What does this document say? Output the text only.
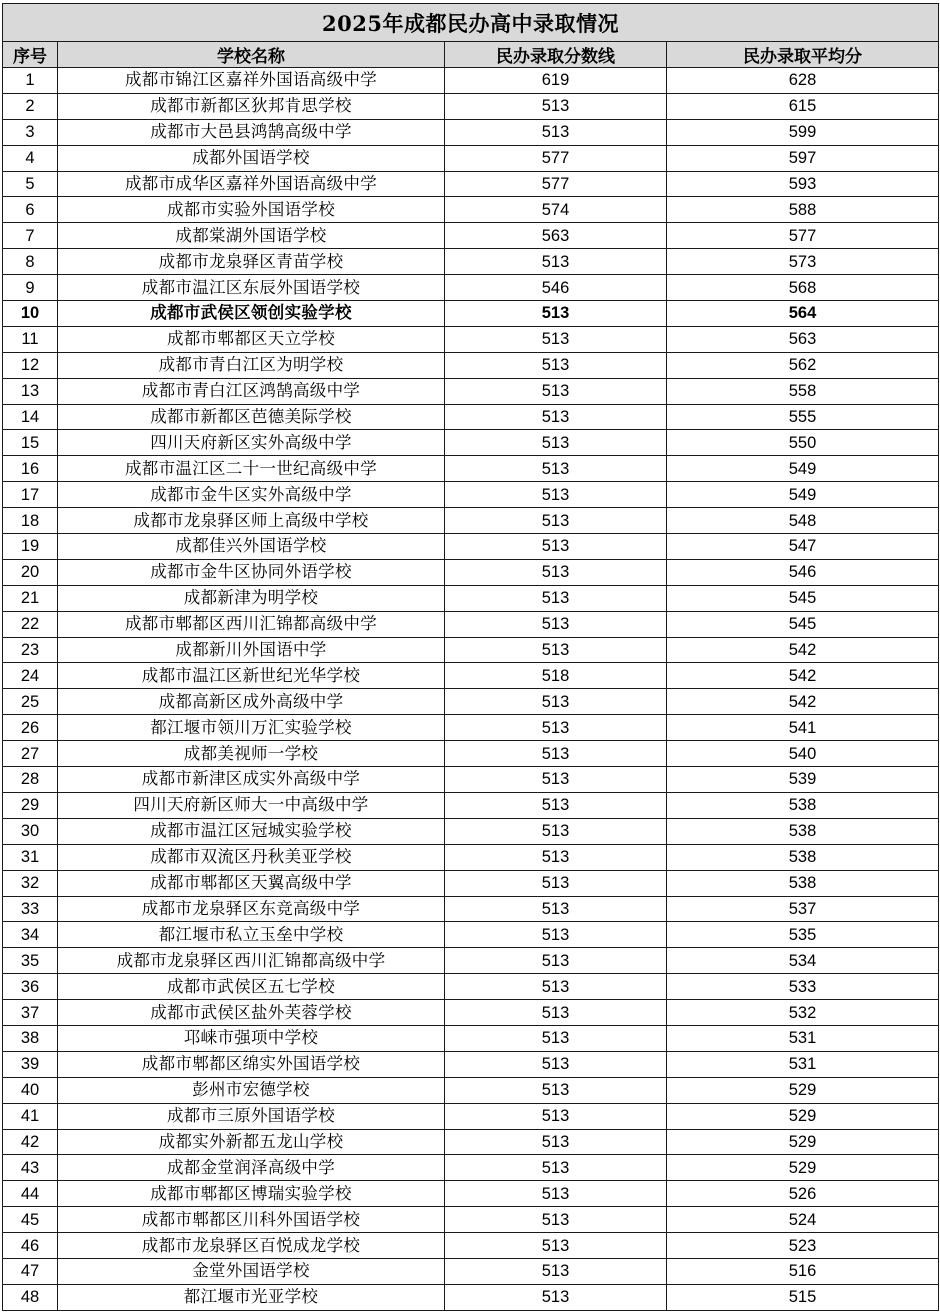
2025年成都民办高中录取情况			
序号	学校名称	民办录取分数线	民办录取平均分
1	成都市锦江区嘉祥外国语高级中学	619	628
2	成都市新都区狄邦肯思学校	513	615
3	成都市大邑县鸿鹄高级中学	513	599
4	成都外国语学校	577	597
5	成都市成华区嘉祥外国语高级中学	577	593
6	成都市实验外国语学校	574	588
7	成都棠湖外国语学校	563	577
8	成都市龙泉驿区青苗学校	513	573
9	成都市温江区东辰外国语学校	546	568
10	成都市武侯区领创实验学校	513	564
11	成都市郫都区天立学校	513	563
12	成都市青白江区为明学校	513	562
13	成都市青白江区鸿鹄高级中学	513	558
14	成都市新都区芭德美际学校	513	555
15	四川天府新区实外高级中学	513	550
16	成都市温江区二十一世纪高级中学	513	549
17	成都市金牛区实外高级中学	513	549
18	成都市龙泉驿区师上高级中学校	513	548
19	成都佳兴外国语学校	513	547
20	成都市金牛区协同外语学校	513	546
21	成都新津为明学校	513	545
22	成都市郫都区西川汇锦都高级中学	513	545
23	成都新川外国语中学	513	542
24	成都市温江区新世纪光华学校	518	542
25	成都高新区成外高级中学	513	542
26	都江堰市领川万汇实验学校	513	541
27	成都美视师一学校	513	540
28	成都市新津区成实外高级中学	513	539
29	四川天府新区师大一中高级中学	513	538
30	成都市温江区冠城实验学校	513	538
31	成都市双流区丹秋美亚学校	513	538
32	成都市郫都区天翼高级中学	513	538
33	成都市龙泉驿区东竞高级中学	513	537
34	都江堰市私立玉垒中学校	513	535
35	成都市龙泉驿区西川汇锦都高级中学	513	534
36	成都市武侯区五七学校	513	533
37	成都市武侯区盐外芙蓉学校	513	532
38	邛崃市强项中学校	513	531
39	成都市郫都区绵实外国语学校	513	531
40	彭州市宏德学校	513	529
41	成都市三原外国语学校	513	529
42	成都实外新都五龙山学校	513	529
43	成都金堂润泽高级中学	513	529
44	成都市郫都区博瑞实验学校	513	526
45	成都市郫都区川科外国语学校	513	524
46	成都市龙泉驿区百悦成龙学校	513	523
47	金堂外国语学校	513	516
48	都江堰市光亚学校	513	515
